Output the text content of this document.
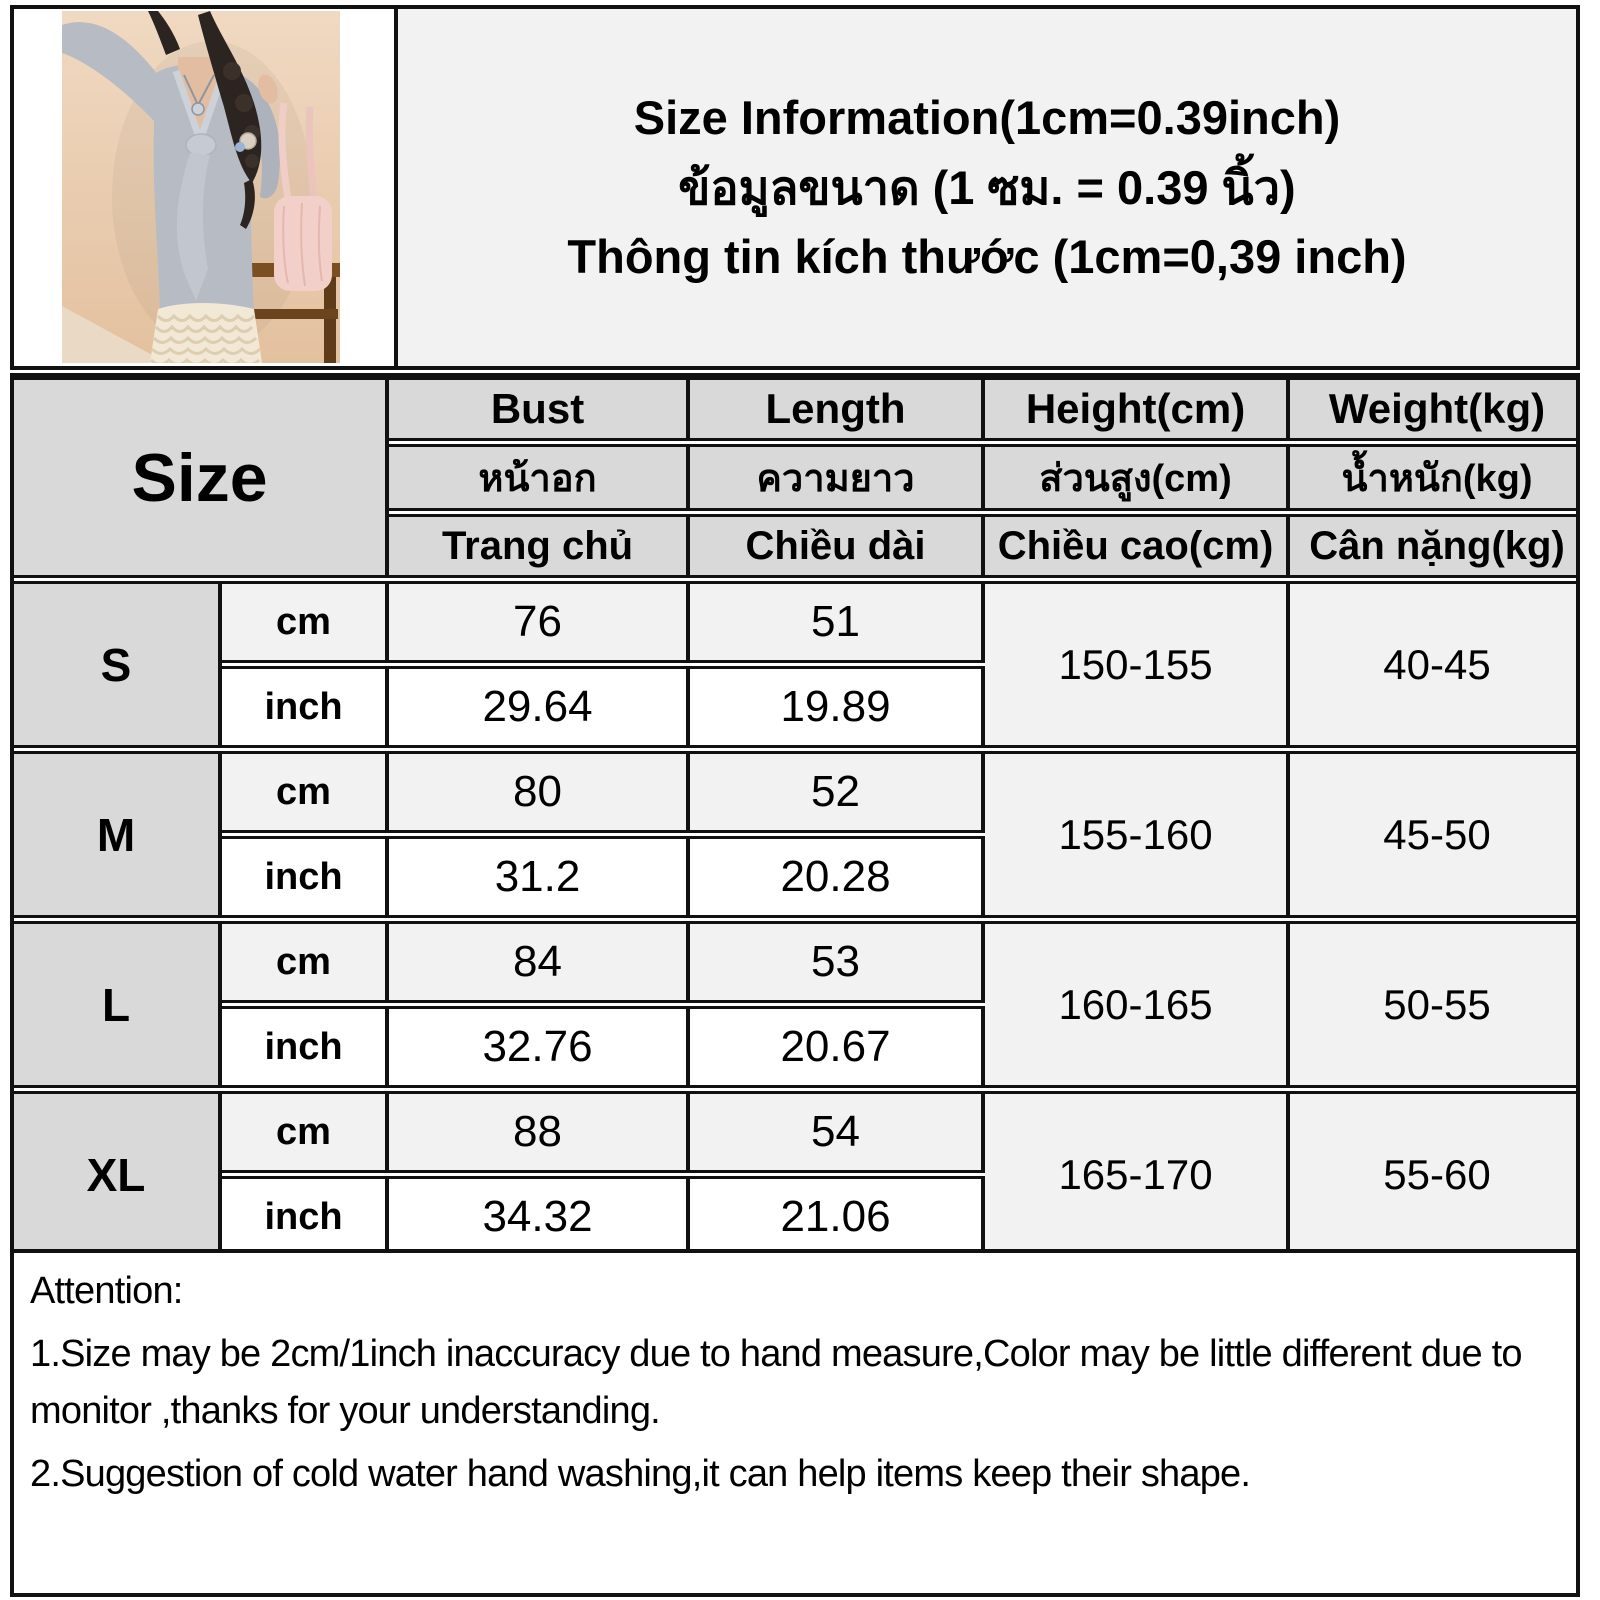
Size Information(1cm=0.39inch)
ข้อมูลขนาด (1 ซม. = 0.39 นิ้ว)
Thông tin kích thước (1cm=0,39 inch)
Size		Bust	Length	Height(cm)	Weight(kg)
		หน้าอก	ความยาว	ส่วนสูง(cm)	น้ำหนัก(kg)
		Trang chủ	Chiều dài	Chiều cao(cm)	Cân nặng(kg)
S	cm	76	51	150-155	40-45
	inch	29.64	19.89		
M	cm	80	52	155-160	45-50
	inch	31.2	20.28		
L	cm	84	53	160-165	50-55
	inch	32.76	20.67		
XL	cm	88	54	165-170	55-60
	inch	34.32	21.06		

Attention:

1.Size may be 2cm/1inch inaccuracy due to hand measure,Color may be little different due to monitor ,thanks for your understanding.

2.Suggestion of cold water hand washing,it can help items keep their shape.
